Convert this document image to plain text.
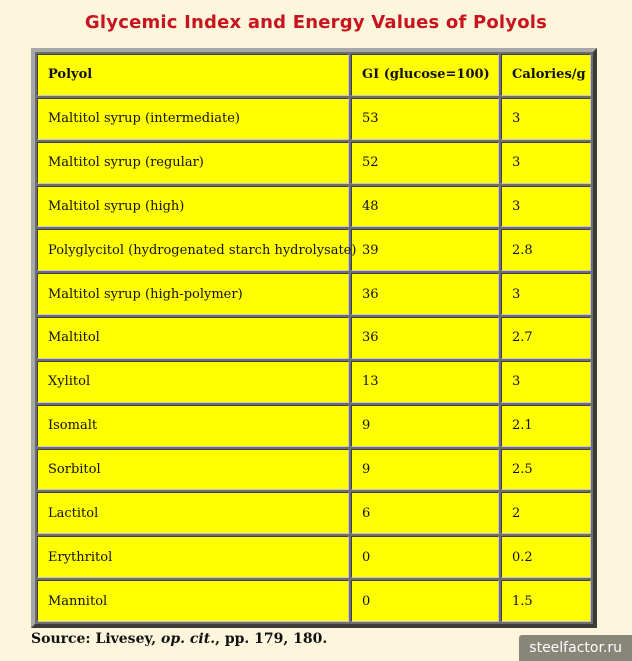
Glycemic Index and Energy Values of Polyols
Polyol	GI (glucose=100)	Calories/g
Maltitol syrup (intermediate)	53	3
Maltitol syrup (regular)	52	3
Maltitol syrup (high)	48	3
Polyglycitol (hydrogenated starch hydrolysate)	39	2.8
Maltitol syrup (high-polymer)	36	3
Maltitol	36	2.7
Xylitol	13	3
Isomalt	9	2.1
Sorbitol	9	2.5
Lactitol	6	2
Erythritol	0	0.2
Mannitol	0	1.5
Source: Livesey, op. cit., pp. 179, 180.
steelfactor.ru
